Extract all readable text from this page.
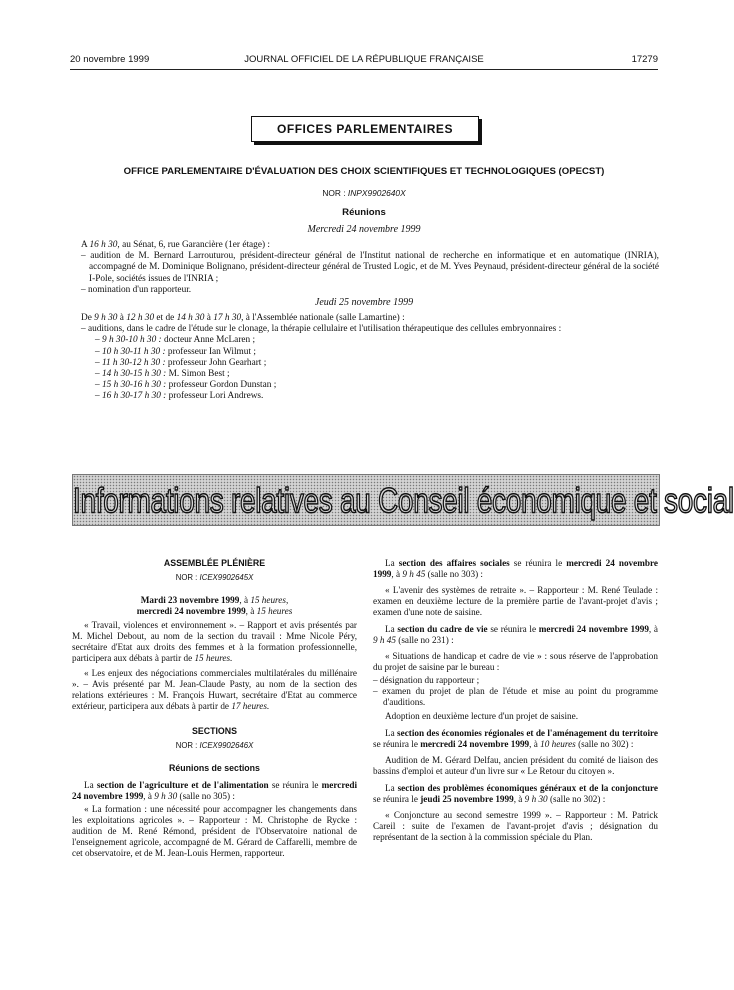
20 novembre 1999	JOURNAL OFFICIEL DE LA RÉPUBLIQUE FRANÇAISE	17279
OFFICES PARLEMENTAIRES
OFFICE PARLEMENTAIRE D'ÉVALUATION DES CHOIX SCIENTIFIQUES ET TECHNOLOGIQUES (OPECST)
NOR : INPX9902640X
Réunions
Mercredi 24 novembre 1999

A 16 h 30, au Sénat, 6, rue Garancière (1er étage) :

– audition de M. Bernard Larrouturou, président-directeur général de l'Institut national de recherche en informatique et en automatique (INRIA), accompagné de M. Dominique Bolignano, président-directeur général de Trusted Logic, et de M. Yves Peynaud, président-directeur général de la société I-Pole, sociétés issues de l'INRIA ;

– nomination d'un rapporteur.

Jeudi 25 novembre 1999

De 9 h 30 à 12 h 30 et de 14 h 30 à 17 h 30, à l'Assemblée nationale (salle Lamartine) :

– auditions, dans le cadre de l'étude sur le clonage, la thérapie cellulaire et l'utilisation thérapeutique des cellules embryonnaires :

– 9 h 30-10 h 30 : docteur Anne McLaren ;

– 10 h 30-11 h 30 : professeur Ian Wilmut ;

– 11 h 30-12 h 30 : professeur John Gearhart ;

– 14 h 30-15 h 30 : M. Simon Best ;

– 15 h 30-16 h 30 : professeur Gordon Dunstan ;

– 16 h 30-17 h 30 : professeur Lori Andrews.

Informations relatives au Conseil économique et social

ASSEMBLÉE PLÉNIÈRE

NOR : ICEX9902645X

Mardi 23 novembre 1999, à 15 heures,

mercredi 24 novembre 1999, à 15 heures

« Travail, violences et environnement ». – Rapport et avis présentés par M. Michel Debout, au nom de la section du travail : Mme Nicole Péry, secrétaire d'Etat aux droits des femmes et à la formation professionnelle, participera aux débats à partir de 15 heures.

« Les enjeux des négociations commerciales multilatérales du millénaire ». – Avis présenté par M. Jean-Claude Pasty, au nom de la section des relations extérieures : M. François Huwart, secrétaire d'Etat au commerce extérieur, participera aux débats à partir de 17 heures.

SECTIONS

NOR : ICEX9902646X

Réunions de sections

La section de l'agriculture et de l'alimentation se réunira le mercredi 24 novembre 1999, à 9 h 30 (salle no 305) :

« La formation : une nécessité pour accompagner les changements dans les exploitations agricoles ». – Rapporteur : M. Christophe de Rycke : audition de M. René Rémond, président de l'Observatoire national de l'enseignement agricole, accompagné de M. Gérard de Caffarelli, membre de cet observatoire, et de M. Jean-Louis Hermen, rapporteur.

La section des affaires sociales se réunira le mercredi 24 novembre 1999, à 9 h 45 (salle no 303) :

« L'avenir des systèmes de retraite ». – Rapporteur : M. René Teulade : examen en deuxième lecture de la première partie de l'avant-projet d'avis ; examen d'une note de saisine.

La section du cadre de vie se réunira le mercredi 24 novembre 1999, à 9 h 45 (salle no 231) :

« Situations de handicap et cadre de vie » : sous réserve de l'approbation du projet de saisine par le bureau :

– désignation du rapporteur ;

– examen du projet de plan de l'étude et mise au point du programme d'auditions.

Adoption en deuxième lecture d'un projet de saisine.

La section des économies régionales et de l'aménagement du territoire se réunira le mercredi 24 novembre 1999, à 10 heures (salle no 302) :

Audition de M. Gérard Delfau, ancien président du comité de liaison des bassins d'emploi et auteur d'un livre sur « Le Retour du citoyen ».

La section des problèmes économiques généraux et de la conjoncture se réunira le jeudi 25 novembre 1999, à 9 h 30 (salle no 302) :

« Conjoncture au second semestre 1999 ». – Rapporteur : M. Patrick Careil : suite de l'examen de l'avant-projet d'avis ; désignation du représentant de la section à la commission spéciale du Plan.
